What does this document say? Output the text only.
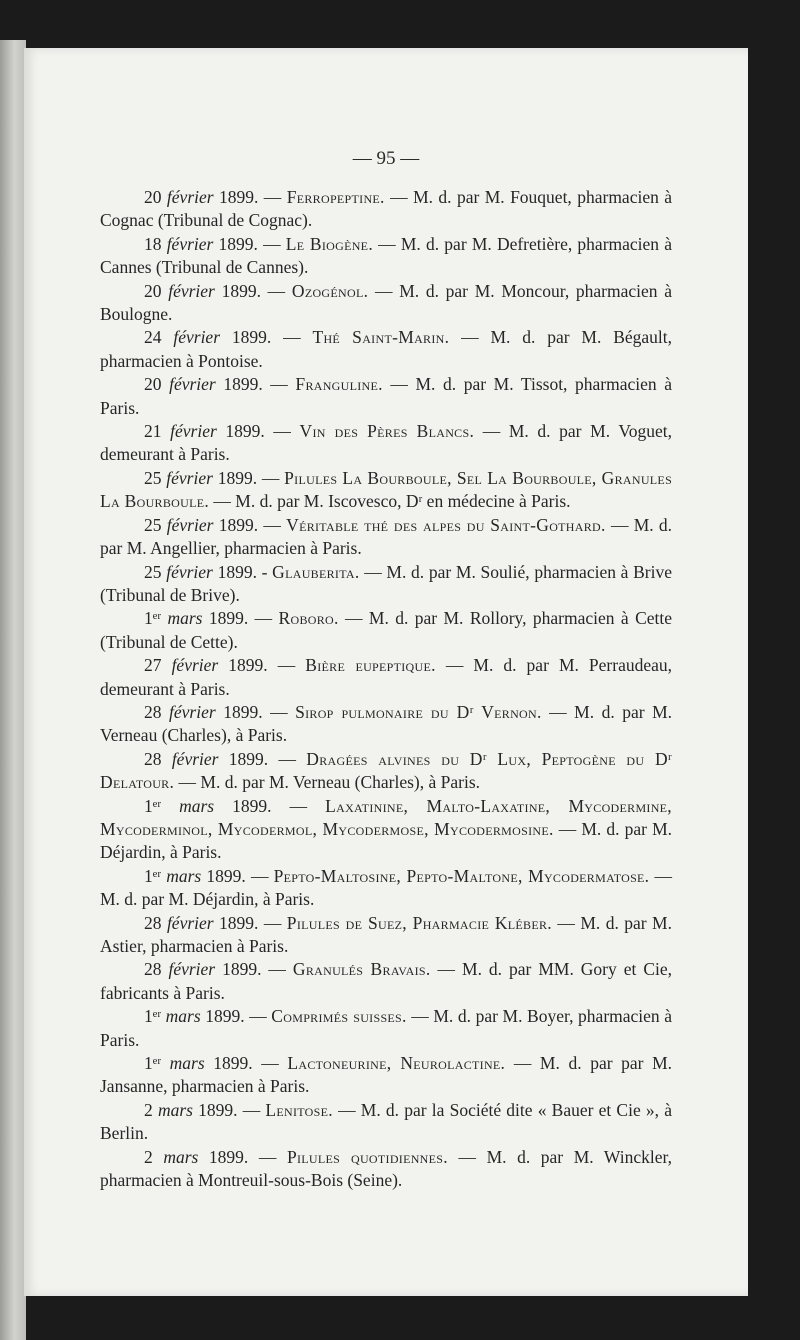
— 95 —

20 février 1899. — Ferropeptine. — M. d. par M. Fouquet, pharmacien à Cognac (Tribunal de Cognac).

18 février 1899. — Le Biogène. — M. d. par M. Defretière, pharmacien à Cannes (Tribunal de Cannes).

20 février 1899. — Ozogénol. — M. d. par M. Moncour, pharmacien à Boulogne.

24 février 1899. — Thé Saint-Marin. — M. d. par M. Bégault, pharmacien à Pontoise.

20 février 1899. — Franguline. — M. d. par M. Tissot, pharmacien à Paris.

21 février 1899. — Vin des Pères Blancs. — M. d. par M. Voguet, demeurant à Paris.

25 février 1899. — Pilules La Bourboule, Sel La Bourboule, Granules La Bourboule. — M. d. par M. Iscovesco, Dʳ en médecine à Paris.

25 février 1899. — Véritable thé des alpes du Saint-Gothard. — M. d. par M. Angellier, pharmacien à Paris.

25 février 1899. - Glauberita. — M. d. par M. Soulié, pharmacien à Brive (Tribunal de Brive).

1ᵉʳ mars 1899. — Roboro. — M. d. par M. Rollory, pharmacien à Cette (Tribunal de Cette).

27 février 1899. — Bière eupeptique. — M. d. par M. Perraudeau, demeurant à Paris.

28 février 1899. — Sirop pulmonaire du Dʳ Vernon. — M. d. par M. Verneau (Charles), à Paris.

28 février 1899. — Dragées alvines du Dʳ Lux, Peptogène du Dʳ Delatour. — M. d. par M. Verneau (Charles), à Paris.

1ᵉʳ mars 1899. — Laxatinine, Malto-Laxatine, Mycodermine, Mycoderminol, Mycodermol, Mycodermose, Mycodermosine. — M. d. par M. Déjardin, à Paris.

1ᵉʳ mars 1899. — Pepto-Maltosine, Pepto-Maltone, Mycodermatose. — M. d. par M. Déjardin, à Paris.

28 février 1899. — Pilules de Suez, Pharmacie Kléber. — M. d. par M. Astier, pharmacien à Paris.

28 février 1899. — Granulés Bravais. — M. d. par MM. Gory et Cie, fabricants à Paris.

1ᵉʳ mars 1899. — Comprimés suisses. — M. d. par M. Boyer, pharmacien à Paris.

1ᵉʳ mars 1899. — Lactoneurine, Neurolactine. — M. d. par par M. Jansanne, pharmacien à Paris.

2 mars 1899. — Lenitose. — M. d. par la Société dite « Bauer et Cie », à Berlin.

2 mars 1899. — Pilules quotidiennes. — M. d. par M. Winckler, pharmacien à Montreuil-sous-Bois (Seine).
